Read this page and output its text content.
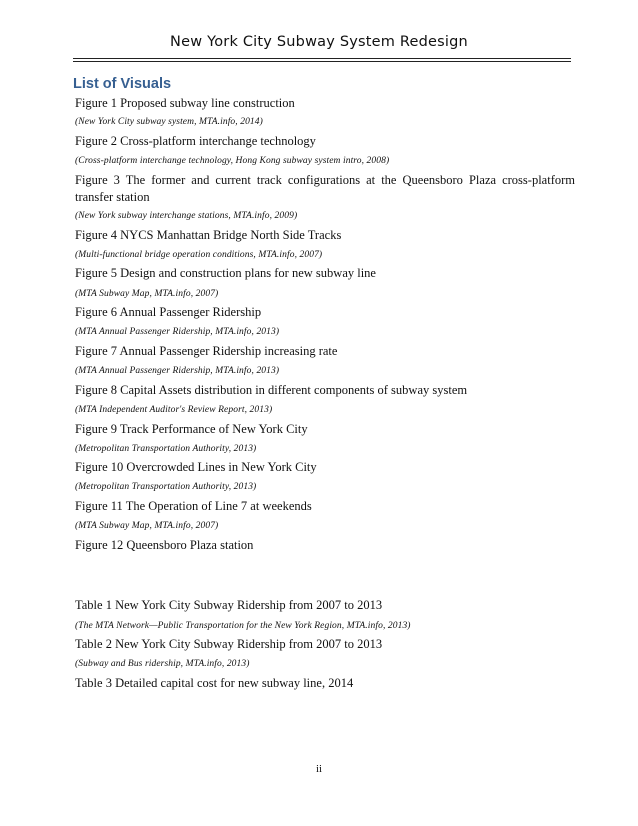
New York City Subway System Redesign
List of Visuals
Figure 1 Proposed subway line construction
(New York City subway system, MTA.info, 2014)
Figure 2 Cross-platform interchange technology
(Cross-platform interchange technology, Hong Kong subway system intro, 2008)
Figure 3 The former and current track configurations at the Queensboro Plaza cross-platform transfer station
(New York subway interchange stations, MTA.info, 2009)
Figure 4 NYCS Manhattan Bridge North Side Tracks
(Multi-functional bridge operation conditions, MTA.info, 2007)
Figure 5 Design and construction plans for new subway line
(MTA Subway Map, MTA.info, 2007)
Figure 6 Annual Passenger Ridership
(MTA Annual Passenger Ridership, MTA.info, 2013)
Figure 7 Annual Passenger Ridership increasing rate
(MTA Annual Passenger Ridership, MTA.info, 2013)
Figure 8 Capital Assets distribution in different components of subway system
(MTA Independent Auditor's Review Report, 2013)
Figure 9 Track Performance of New York City
(Metropolitan Transportation Authority, 2013)
Figure 10 Overcrowded Lines in New York City
(Metropolitan Transportation Authority, 2013)
Figure 11 The Operation of Line 7 at weekends
(MTA Subway Map, MTA.info, 2007)
Figure 12 Queensboro Plaza station
Table 1 New York City Subway Ridership from 2007 to 2013
(The MTA Network—Public Transportation for the New York Region, MTA.info, 2013)
Table 2 New York City Subway Ridership from 2007 to 2013
(Subway and Bus ridership, MTA.info, 2013)
Table 3 Detailed capital cost for new subway line, 2014
ii
